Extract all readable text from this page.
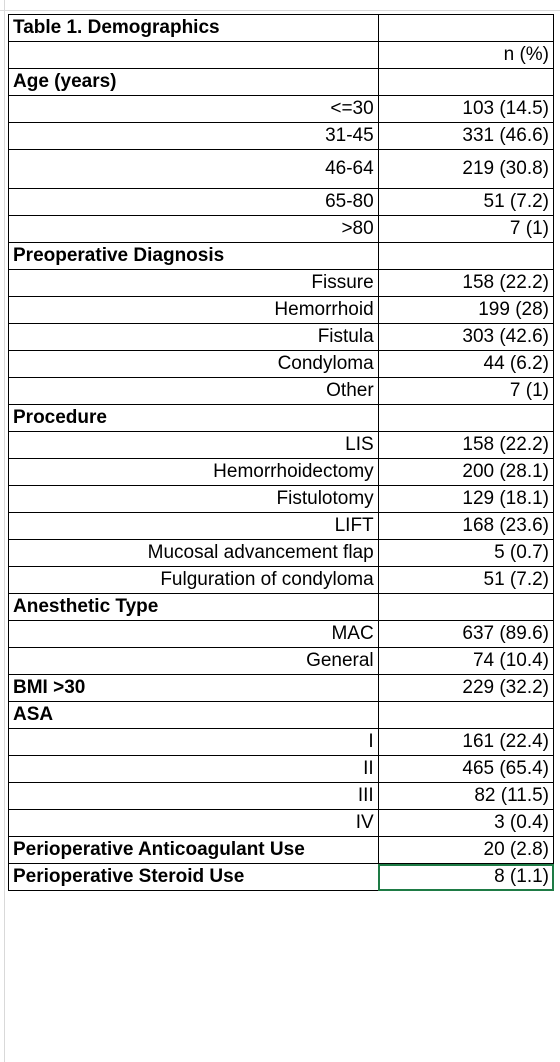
Table 1. Demographics	
	n (%)
Age (years)	
<=30	103 (14.5)
31-45	331 (46.6)
46-64	219 (30.8)
65-80	51 (7.2)
>80	7 (1)
Preoperative Diagnosis	
Fissure	158 (22.2)
Hemorrhoid	199 (28)
Fistula	303 (42.6)
Condyloma	44 (6.2)
Other	7 (1)
Procedure	
LIS	158 (22.2)
Hemorrhoidectomy	200 (28.1)
Fistulotomy	129 (18.1)
LIFT	168 (23.6)
Mucosal advancement flap	5 (0.7)
Fulguration of condyloma	51 (7.2)
Anesthetic Type	
MAC	637 (89.6)
General	74 (10.4)
BMI >30	229 (32.2)
ASA	
I	161 (22.4)
II	465 (65.4)
III	82 (11.5)
IV	3 (0.4)
Perioperative Anticoagulant Use	20 (2.8)
Perioperative Steroid Use	8 (1.1)
